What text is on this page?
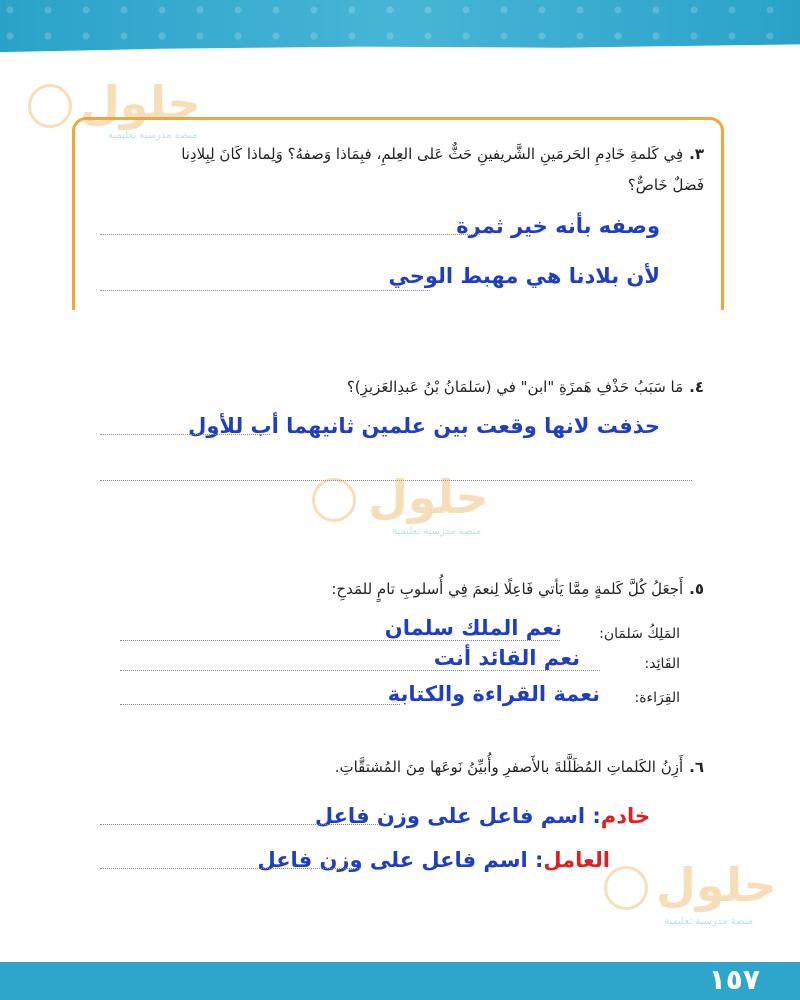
حلول
منصة مدرسية تعليمية
٣.فِي كَلمةِ خَادِمِ الحَرمَينِ الشَّريفينِ حَثٌّ عَلى العِلمِ، فبِمَاذا وَصفهُ؟ وَلِماذا كَانَ لِبِلادِنا
فَضلٌ خَاصٌّ؟
وصفه بأنه خير ثمرة
لأن بلادنا هي مهبط الوحي
٤.مَا سَبَبُ حَذْفِ هَمزَةِ "ابن" في (سَلمَانُ بْنُ عَبدِالعَزيزِ)؟
حذفت لانها وقعت بين علمين ثانيهما أب للأول
حلول
منصة مدرسية تعليمية
٥.أَجعَلُ كُلَّ كَلمةٍ مِمَّا يَأتي فَاعِلًا لِنعمَ فِي أُسلوبِ تامٍ للمَدحِ:
المَلِكُ سَلمَان:
نعم الملك سلمان
القَائِد:
نعم القائد أنت
القِرَاءة:
نعمة القراءة والكتابة
٦.أَزِنُ الكَلماتِ المُظَلَّلةَ بالأَصفرِ وأُبيِّنُ نَوعَها مِنَ المُشتقَّاتِ.
خادم: اسم فاعل على وزن فاعل
العامل: اسم فاعل على وزن فاعل	حلول
منصة مدرسية تعليمية
١٥٧
